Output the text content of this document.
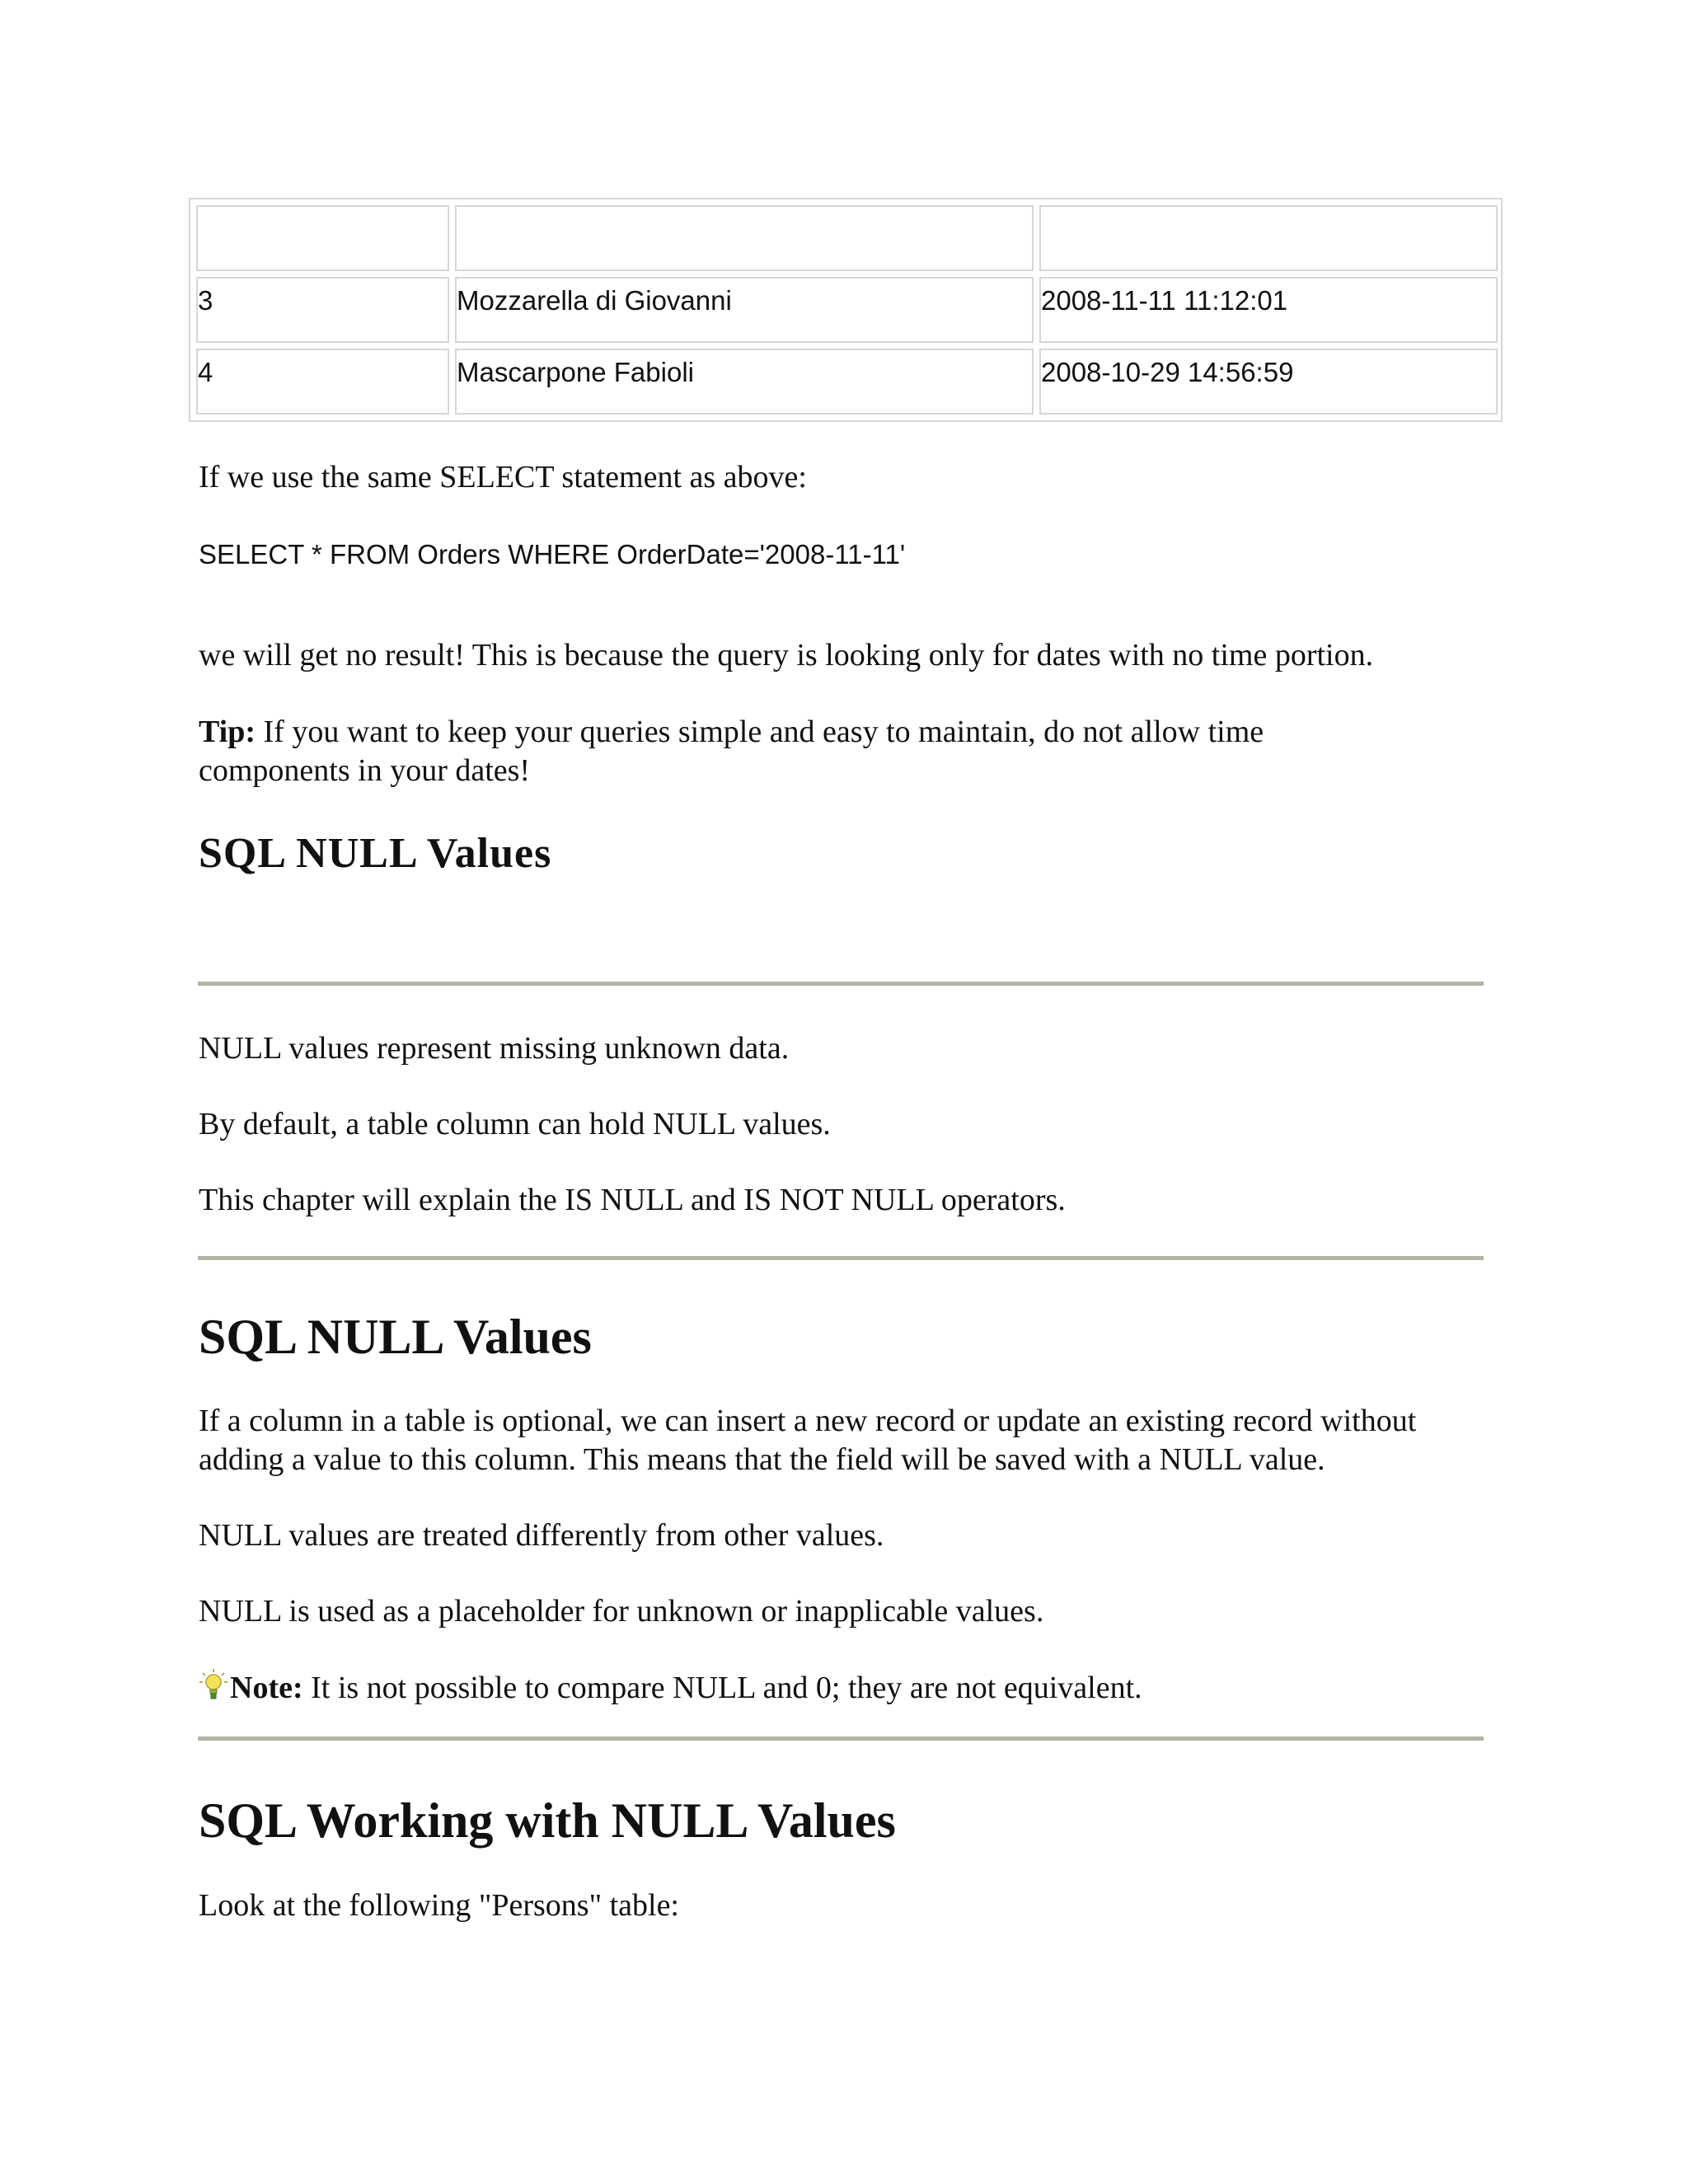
3	Mozzarella di Giovanni	2008-11-11 11:12:01
4	Mascarpone Fabioli	2008-10-29 14:56:59

If we use the same SELECT statement as above:

SELECT * FROM Orders WHERE OrderDate='2008-11-11'

we will get no result! This is because the query is looking only for dates with no time portion.

Tip: If you want to keep your queries simple and easy to maintain, do not allow time components in your dates!

SQL NULL Values

NULL values represent missing unknown data.

By default, a table column can hold NULL values.

This chapter will explain the IS NULL and IS NOT NULL operators.

SQL NULL Values

If a column in a table is optional, we can insert a new record or update an existing record without adding a value to this column. This means that the field will be saved with a NULL value.

NULL values are treated differently from other values.

NULL is used as a placeholder for unknown or inapplicable values.

Note: It is not possible to compare NULL and 0; they are not equivalent.

SQL Working with NULL Values

Look at the following "Persons" table:
